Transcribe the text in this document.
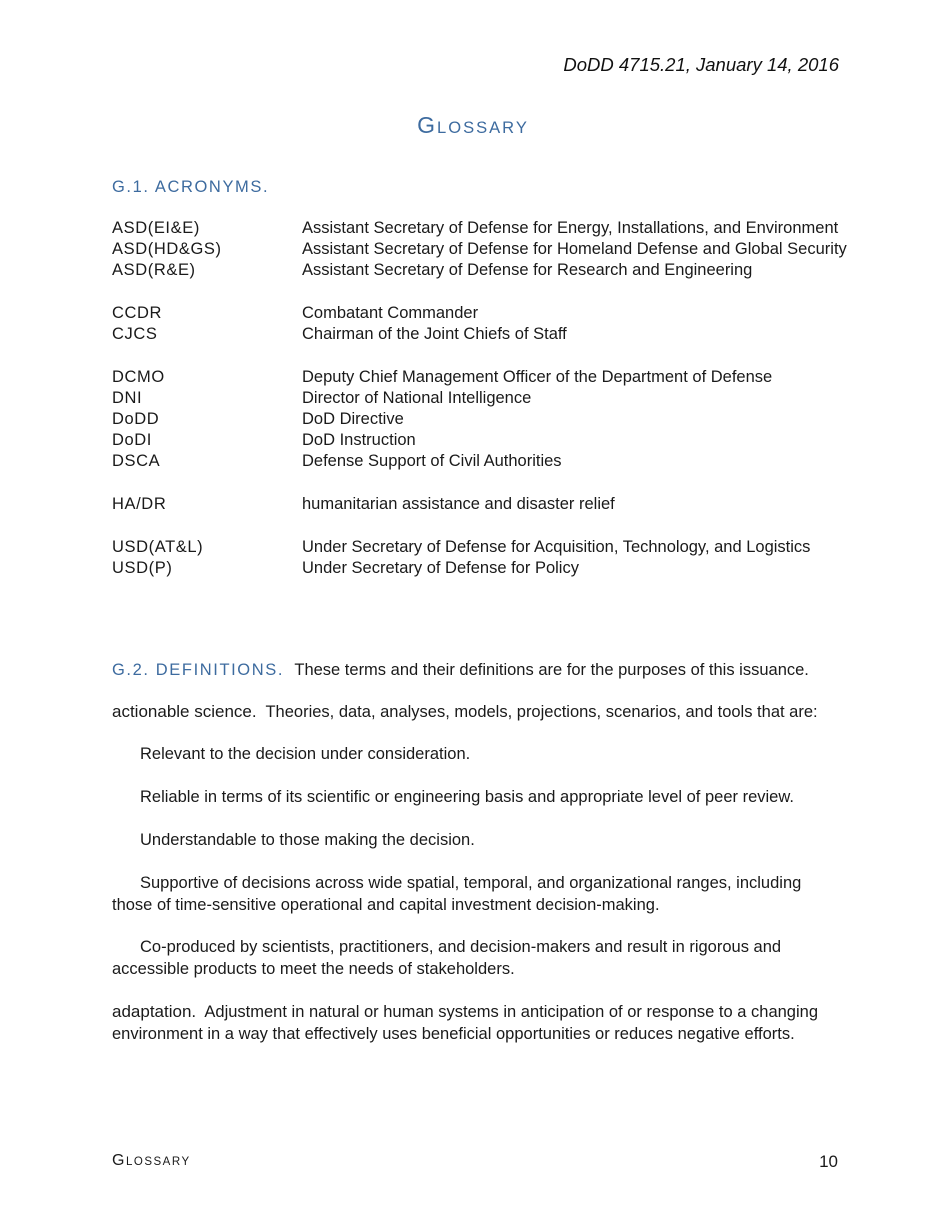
DoDD 4715.21, January 14, 2016
GLOSSARY
G.1. ACRONYMS.
ASD(EI&E)	Assistant Secretary of Defense for Energy, Installations, and Environment
ASD(HD&GS)	Assistant Secretary of Defense for Homeland Defense and Global Security
ASD(R&E)	Assistant Secretary of Defense for Research and Engineering
CCDR	Combatant Commander
CJCS	Chairman of the Joint Chiefs of Staff
DCMO	Deputy Chief Management Officer of the Department of Defense
DNI	Director of National Intelligence
DoDD	DoD Directive
DoDI	DoD Instruction
DSCA	Defense Support of Civil Authorities
HA/DR	humanitarian assistance and disaster relief
USD(AT&L)	Under Secretary of Defense for Acquisition, Technology, and Logistics
USD(P)	Under Secretary of Defense for Policy
G.2. DEFINITIONS. These terms and their definitions are for the purposes of this issuance.
actionable science. Theories, data, analyses, models, projections, scenarios, and tools that are:
Relevant to the decision under consideration.
Reliable in terms of its scientific or engineering basis and appropriate level of peer review.
Understandable to those making the decision.
Supportive of decisions across wide spatial, temporal, and organizational ranges, including those of time-sensitive operational and capital investment decision-making.
Co-produced by scientists, practitioners, and decision-makers and result in rigorous and accessible products to meet the needs of stakeholders.
adaptation. Adjustment in natural or human systems in anticipation of or response to a changing environment in a way that effectively uses beneficial opportunities or reduces negative efforts.
GLOSSARY	10
